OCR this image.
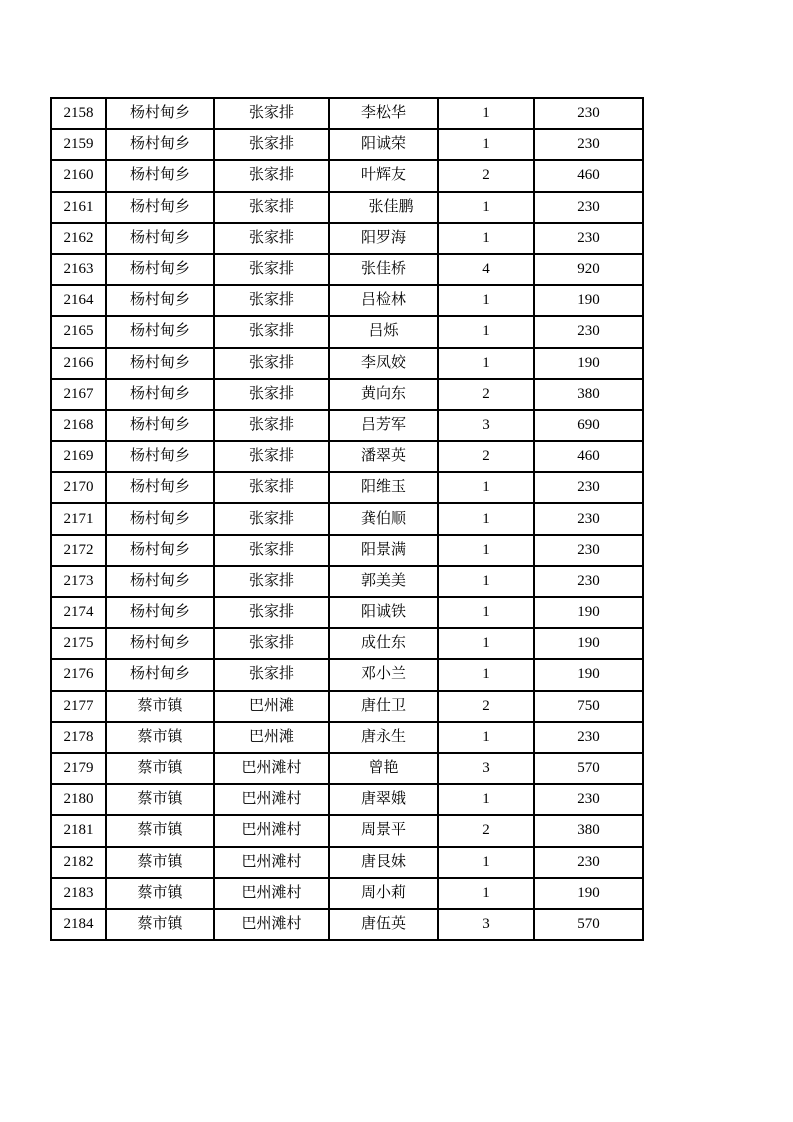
2158	杨村甸乡	张家排	李松华	1	230
2159	杨村甸乡	张家排	阳诚荣	1	230
2160	杨村甸乡	张家排	叶辉友	2	460
2161	杨村甸乡	张家排	　张佳鹏	1	230
2162	杨村甸乡	张家排	阳罗海	1	230
2163	杨村甸乡	张家排	张佳桥	4	920
2164	杨村甸乡	张家排	吕检林	1	190
2165	杨村甸乡	张家排	吕烁	1	230
2166	杨村甸乡	张家排	李凤姣	1	190
2167	杨村甸乡	张家排	黄向东	2	380
2168	杨村甸乡	张家排	吕芳军	3	690
2169	杨村甸乡	张家排	潘翠英	2	460
2170	杨村甸乡	张家排	阳维玉	1	230
2171	杨村甸乡	张家排	龚伯顺	1	230
2172	杨村甸乡	张家排	阳景满	1	230
2173	杨村甸乡	张家排	郭美美	1	230
2174	杨村甸乡	张家排	阳诚铁	1	190
2175	杨村甸乡	张家排	成仕东	1	190
2176	杨村甸乡	张家排	邓小兰	1	190
2177	蔡市镇	巴州滩	唐仕卫	2	750
2178	蔡市镇	巴州滩	唐永生	1	230
2179	蔡市镇	巴州滩村	曾艳	3	570
2180	蔡市镇	巴州滩村	唐翠娥	1	230
2181	蔡市镇	巴州滩村	周景平	2	380
2182	蔡市镇	巴州滩村	唐艮妹	1	230
2183	蔡市镇	巴州滩村	周小莉	1	190
2184	蔡市镇	巴州滩村	唐伍英	3	570
